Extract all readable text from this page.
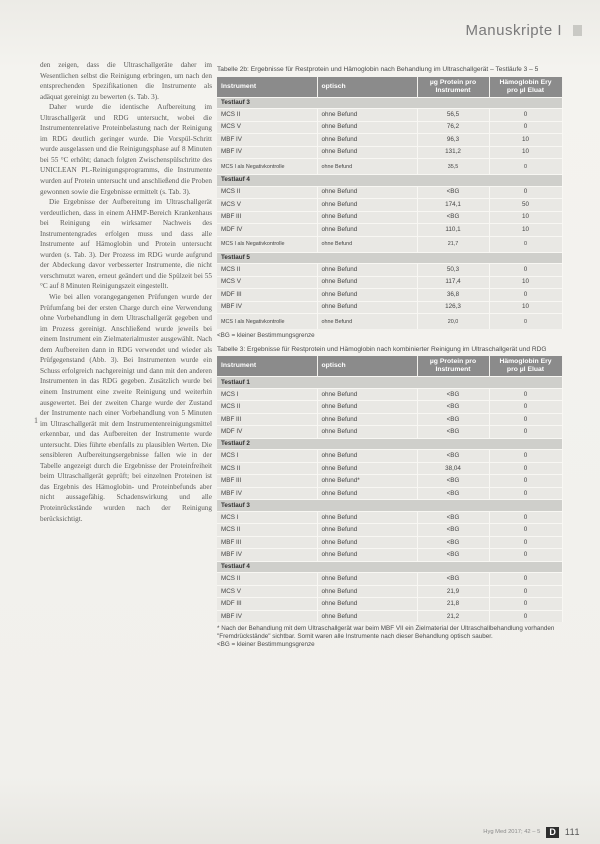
Manuskripte I

den zeigen, dass die Ultraschallgeräte daher im Wesentlichen selbst die Reinigung erbringen, um nach den entsprechenden Spezifikationen die Instrumente als adäquat gereinigt zu bewerten (s. Tab. 3).

Daher wurde die identische Aufbereitung im Ultraschallgerät und RDG untersucht, wobei die Instrumentenrelative Proteinbelastung nach der Reinigung im RDG deutlich geringer wurde. Die Vorspül-Schritt wurde ausgelassen und die Reinigungsphase auf 8 Minuten bei 55 °C erhöht; danach folgten Zwischenspülschritte des UNICLEAN PL-Reinigungsprogramms, die Instrumente wurden auf Protein untersucht und anschließend die Proben gewonnen sowie die Ergebnisse ermittelt (s. Tab. 3).

Die Ergebnisse der Aufbereitung im Ultraschallgerät verdeutlichen, dass in einem AHMP-Bereich Krankenhaus bei Reinigung ein wirksamer Nachweis des Instrumentengrades erfolgen muss und dass alle Instrumente auf Hämoglobin und Protein untersucht wurden (s. Tab. 3). Der Prozess im RDG wurde aufgrund der Abdeckung davor verbesserter Instrumente, die nicht verschmutzt waren, erneut geändert und die Spülzeit bei 55 °C auf 8 Minuten Reinigungszeit eingestellt.

Wie bei allen vorangegangenen Prüfungen wurde der Prüfumfang bei der ersten Charge durch eine Verwendung ohne Vorbehandlung in dem Ultraschallgerät gegeben und im Prozess gereinigt. Anschließend wurde jeweils bei einem Instrument ein Zielmaterialmuster ausgewählt. Nach dem Aufbereiten dann in RDG verwendet und wieder als Prüfgegenstand (Abb. 3). Bei Instrumenten wurde ein Schuss erfolgreich nachgereinigt und dann mit den anderen Instrumenten in das RDG gegeben. Zusätzlich wurde bei einem Instrument eine zweite Reinigung und weiterhin ausgewertet. Bei der zweiten Charge wurde der Zustand der Instrumente nach einer Vorbehandlung von 5 Minuten im Ultraschallgerät mit dem Instrumentenreinigungsmittel erkennbar, und das Aufbereiten der Instrumente wurde untersucht. Dies führte ebenfalls zu plausiblen Werten. Die sensibleren Aufbereitungsergebnisse fallen wie in der Tabelle angezeigt durch die Ergebnisse der Proteinfreiheit beim Ultraschallgerät geprüft; bei einzelnen Proteinen ist das Ergebnis des Hämoglobin- und Proteinbefunds aber nicht aussagefähig. Schadenswirkung und alle Proteinrückstände wurden nach der Reinigung berücksichtigt.

1
Tabelle 2b: Ergebnisse für Restprotein und Hämoglobin nach Behandlung im Ultraschallgerät – Testläufe 3 – 5
Instrument	optisch	µg Protein pro Instrument	Hämoglobin Ery pro µl Eluat
Testlauf 3			
MCS II	ohne Befund	56,5	0
MCS V	ohne Befund	76,2	0
MBF IV	ohne Befund	96,3	10
MBF IV	ohne Befund	131,2	10
MCS I als Negativkontrolle	ohne Befund	35,5	0
Testlauf 4			
MCS II	ohne Befund	<BG	0
MCS V	ohne Befund	174,1	50
MBF III	ohne Befund	<BG	10
MDF IV	ohne Befund	110,1	10
MCS I als Negativkontrolle	ohne Befund	21,7	0
Testlauf 5			
MCS II	ohne Befund	50,3	0
MCS V	ohne Befund	117,4	10
MDF III	ohne Befund	36,8	0
MBF IV	ohne Befund	126,3	10
MCS I als Negativkontrolle	ohne Befund	20,0	0
<BG = kleiner Bestimmungsgrenze
Tabelle 3: Ergebnisse für Restprotein und Hämoglobin nach kombinierter Reinigung im Ultraschallgerät und RDG
Instrument	optisch	µg Protein pro Instrument	Hämoglobin Ery pro µl Eluat
Testlauf 1			
MCS I	ohne Befund	<BG	0
MCS II	ohne Befund	<BG	0
MBF III	ohne Befund	<BG	0
MDF IV	ohne Befund	<BG	0
Testlauf 2			
MCS I	ohne Befund	<BG	0
MCS II	ohne Befund	38,04	0
MBF III	ohne Befund*	<BG	0
MBF IV	ohne Befund	<BG	0
Testlauf 3			
MCS I	ohne Befund	<BG	0
MCS II	ohne Befund	<BG	0
MBF III	ohne Befund	<BG	0
MBF IV	ohne Befund	<BG	0
Testlauf 4			
MCS II	ohne Befund	<BG	0
MCS V	ohne Befund	21,9	0
MDF III	ohne Befund	21,8	0
MBF IV	ohne Befund	21,2	0
* Nach der Behandlung mit dem Ultraschallgerät war beim MBF VII ein Zielmaterial der Ultraschallbehandlung vorhanden "Fremdrückstände" sichtbar. Somit waren alle Instrumente nach dieser Behandlung optisch sauber.
<BG = kleiner Bestimmungsgrenze
Hyg Med 2017; 42 – 5	D	111
